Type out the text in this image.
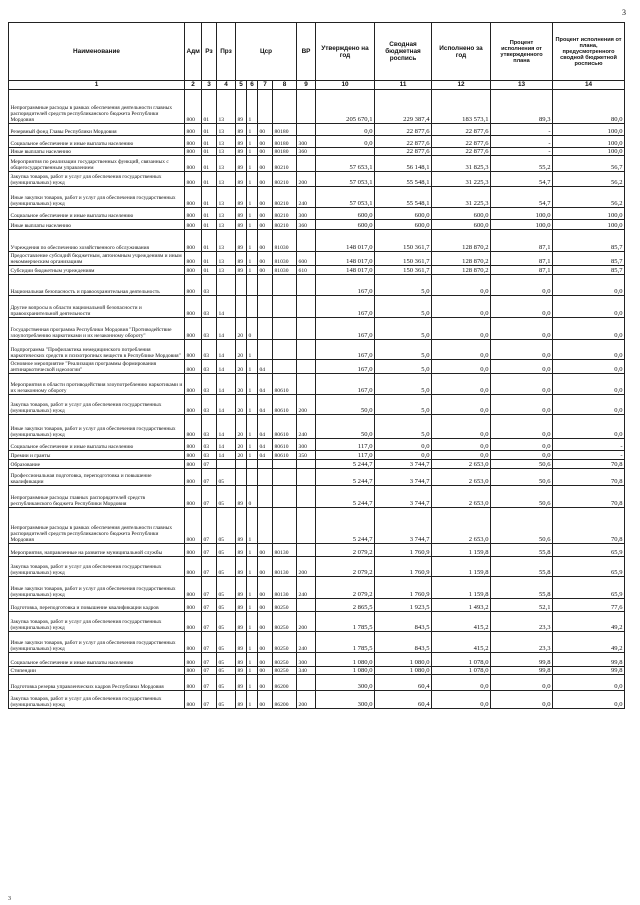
3
Наименование	Адм	Рз	Прз	Цср				ВР	Утверждено на год	Сводная бюджетная роспись	Исполнено за год	Процент исполнения от утвержденного плана	Процент исполнения от плана, предусмотренного сводной бюджетной росписью
1	2	3	4	5	6	7	8	9	10	11	12	13	14
Непрограммные расходы в рамках обеспечения деятельности главных распорядителей средств республиканского бюджета Республики Мордовия	800	01	13	89	1				205 670,1	229 387,4	183 573,1	89,3	80,0
Резервный фонд Главы Республики Мордовия	800	01	13	89	1	00	80180		0,0	22 877,6	22 877,6	-	100,0
Социальное обеспечение и иные выплаты населению	800	01	13	89	1	00	80180	300	0,0	22 877,6	22 877,6	-	100,0
Иные выплаты населению	800	01	13	89	1	00	80180	360		22 877,6	22 877,6	-	100,0
Мероприятия по реализации государственных функций, связанных с общегосударственным управлением	800	01	13	89	1	00	80210		57 653,1	56 148,1	31 825,3	55,2	56,7
Закупка товаров, работ и услуг для обеспечения государственных (муниципальных) нужд	800	01	13	89	1	00	80210	200	57 053,1	55 548,1	31 225,3	54,7	56,2
Иные закупки товаров, работ и услуг для обеспечения государственных (муниципальных) нужд	800	01	13	89	1	00	80210	240	57 053,1	55 548,1	31 225,3	54,7	56,2
Социальное обеспечение и иные выплаты населению	800	01	13	89	1	00	80210	300	600,0	600,0	600,0	100,0	100,0
Иные выплаты населению	800	01	13	89	1	00	80210	360	600,0	600,0	600,0	100,0	100,0
Учреждения по обеспечению хозяйственного обслуживания	800	01	13	89	1	00	81030		148 017,0	150 361,7	128 870,2	87,1	85,7
Предоставление субсидий бюджетным, автономным учреждениям и иным некоммерческим организациям	800	01	13	89	1	00	81030	600	148 017,0	150 361,7	128 870,2	87,1	85,7
Субсидии бюджетным учреждениям	800	01	13	89	1	00	81030	610	148 017,0	150 361,7	128 870,2	87,1	85,7
Национальная безопасность и правоохранительная деятельность	800	03							167,0	5,0	0,0	0,0	0,0
Другие вопросы в области национальной безопасности и правоохранительной деятельности	800	03	14						167,0	5,0	0,0	0,0	0,0
Государственная программа Республики Мордовия "Противодействие злоупотреблению наркотиками и их незаконному обороту"	800	03	14	20	0				167,0	5,0	0,0	0,0	0,0
Подпрограмма "Профилактика немедицинского потребления наркотических средств и психотропных веществ в Республике Мордовия"	800	03	14	20	1				167,0	5,0	0,0	0,0	0,0
Основное мероприятие "Реализация программы формирования антинаркотической идеологии"	800	03	14	20	1	04			167,0	5,0	0,0	0,0	0,0
Мероприятия в области противодействия злоупотреблению наркотиками и их незаконному обороту	800	03	14	20	1	04	80610		167,0	5,0	0,0	0,0	0,0
Закупка товаров, работ и услуг для обеспечения государственных (муниципальных) нужд	800	03	14	20	1	04	80610	200	50,0	5,0	0,0	0,0	0,0
Иные закупки товаров, работ и услуг для обеспечения государственных (муниципальных) нужд	800	03	14	20	1	04	80610	240	50,0	5,0	0,0	0,0	0,0
Социальное обеспечение и иные выплаты населению	800	03	14	20	1	04	80610	300	117,0	0,0	0,0	0,0	-
Премии и гранты	800	03	14	20	1	04	80610	350	117,0	0,0	0,0	0,0	-
Образование	800	07							5 244,7	3 744,7	2 653,0	50,6	70,8
Профессиональная подготовка, переподготовка и повышение квалификации	800	07	05						5 244,7	3 744,7	2 653,0	50,6	70,8
Непрограммные расходы главных распорядителей средств республиканского бюджета Республики Мордовия	800	07	05	89	0				5 244,7	3 744,7	2 653,0	50,6	70,8
Непрограммные расходы в рамках обеспечения деятельности главных распорядителей средств республиканского бюджета Республики Мордовия	800	07	05	89	1				5 244,7	3 744,7	2 653,0	50,6	70,8
Мероприятия, направленные на развитие муниципальной службы	800	07	05	89	1	00	80130		2 079,2	1 760,9	1 159,8	55,8	65,9
Закупка товаров, работ и услуг для обеспечения государственных (муниципальных) нужд	800	07	05	89	1	00	80130	200	2 079,2	1 760,9	1 159,8	55,8	65,9
Иные закупки товаров, работ и услуг для обеспечения государственных (муниципальных) нужд	800	07	05	89	1	00	80130	240	2 079,2	1 760,9	1 159,8	55,8	65,9
Подготовка, переподготовка и повышение квалификации кадров	800	07	05	89	1	00	80250		2 865,5	1 923,5	1 493,2	52,1	77,6
Закупка товаров, работ и услуг для обеспечения государственных (муниципальных) нужд	800	07	05	89	1	00	80250	200	1 785,5	843,5	415,2	23,3	49,2
Иные закупки товаров, работ и услуг для обеспечения государственных (муниципальных) нужд	800	07	05	89	1	00	80250	240	1 785,5	843,5	415,2	23,3	49,2
Социальное обеспечение и иные выплаты населению	800	07	05	89	1	00	80250	300	1 080,0	1 080,0	1 078,0	99,8	99,8
Стипендии	800	07	05	89	1	00	80250	340	1 080,0	1 080,0	1 078,0	99,8	99,8
Подготовка резерва управленческих кадров Республики Мордовия	800	07	05	89	1	00	86200		300,0	60,4	0,0	0,0	0,0
Закупка товаров, работ и услуг для обеспечения государственных (муниципальных) нужд	800	07	05	89	1	00	86200	200	300,0	60,4	0,0	0,0	0,0
3
